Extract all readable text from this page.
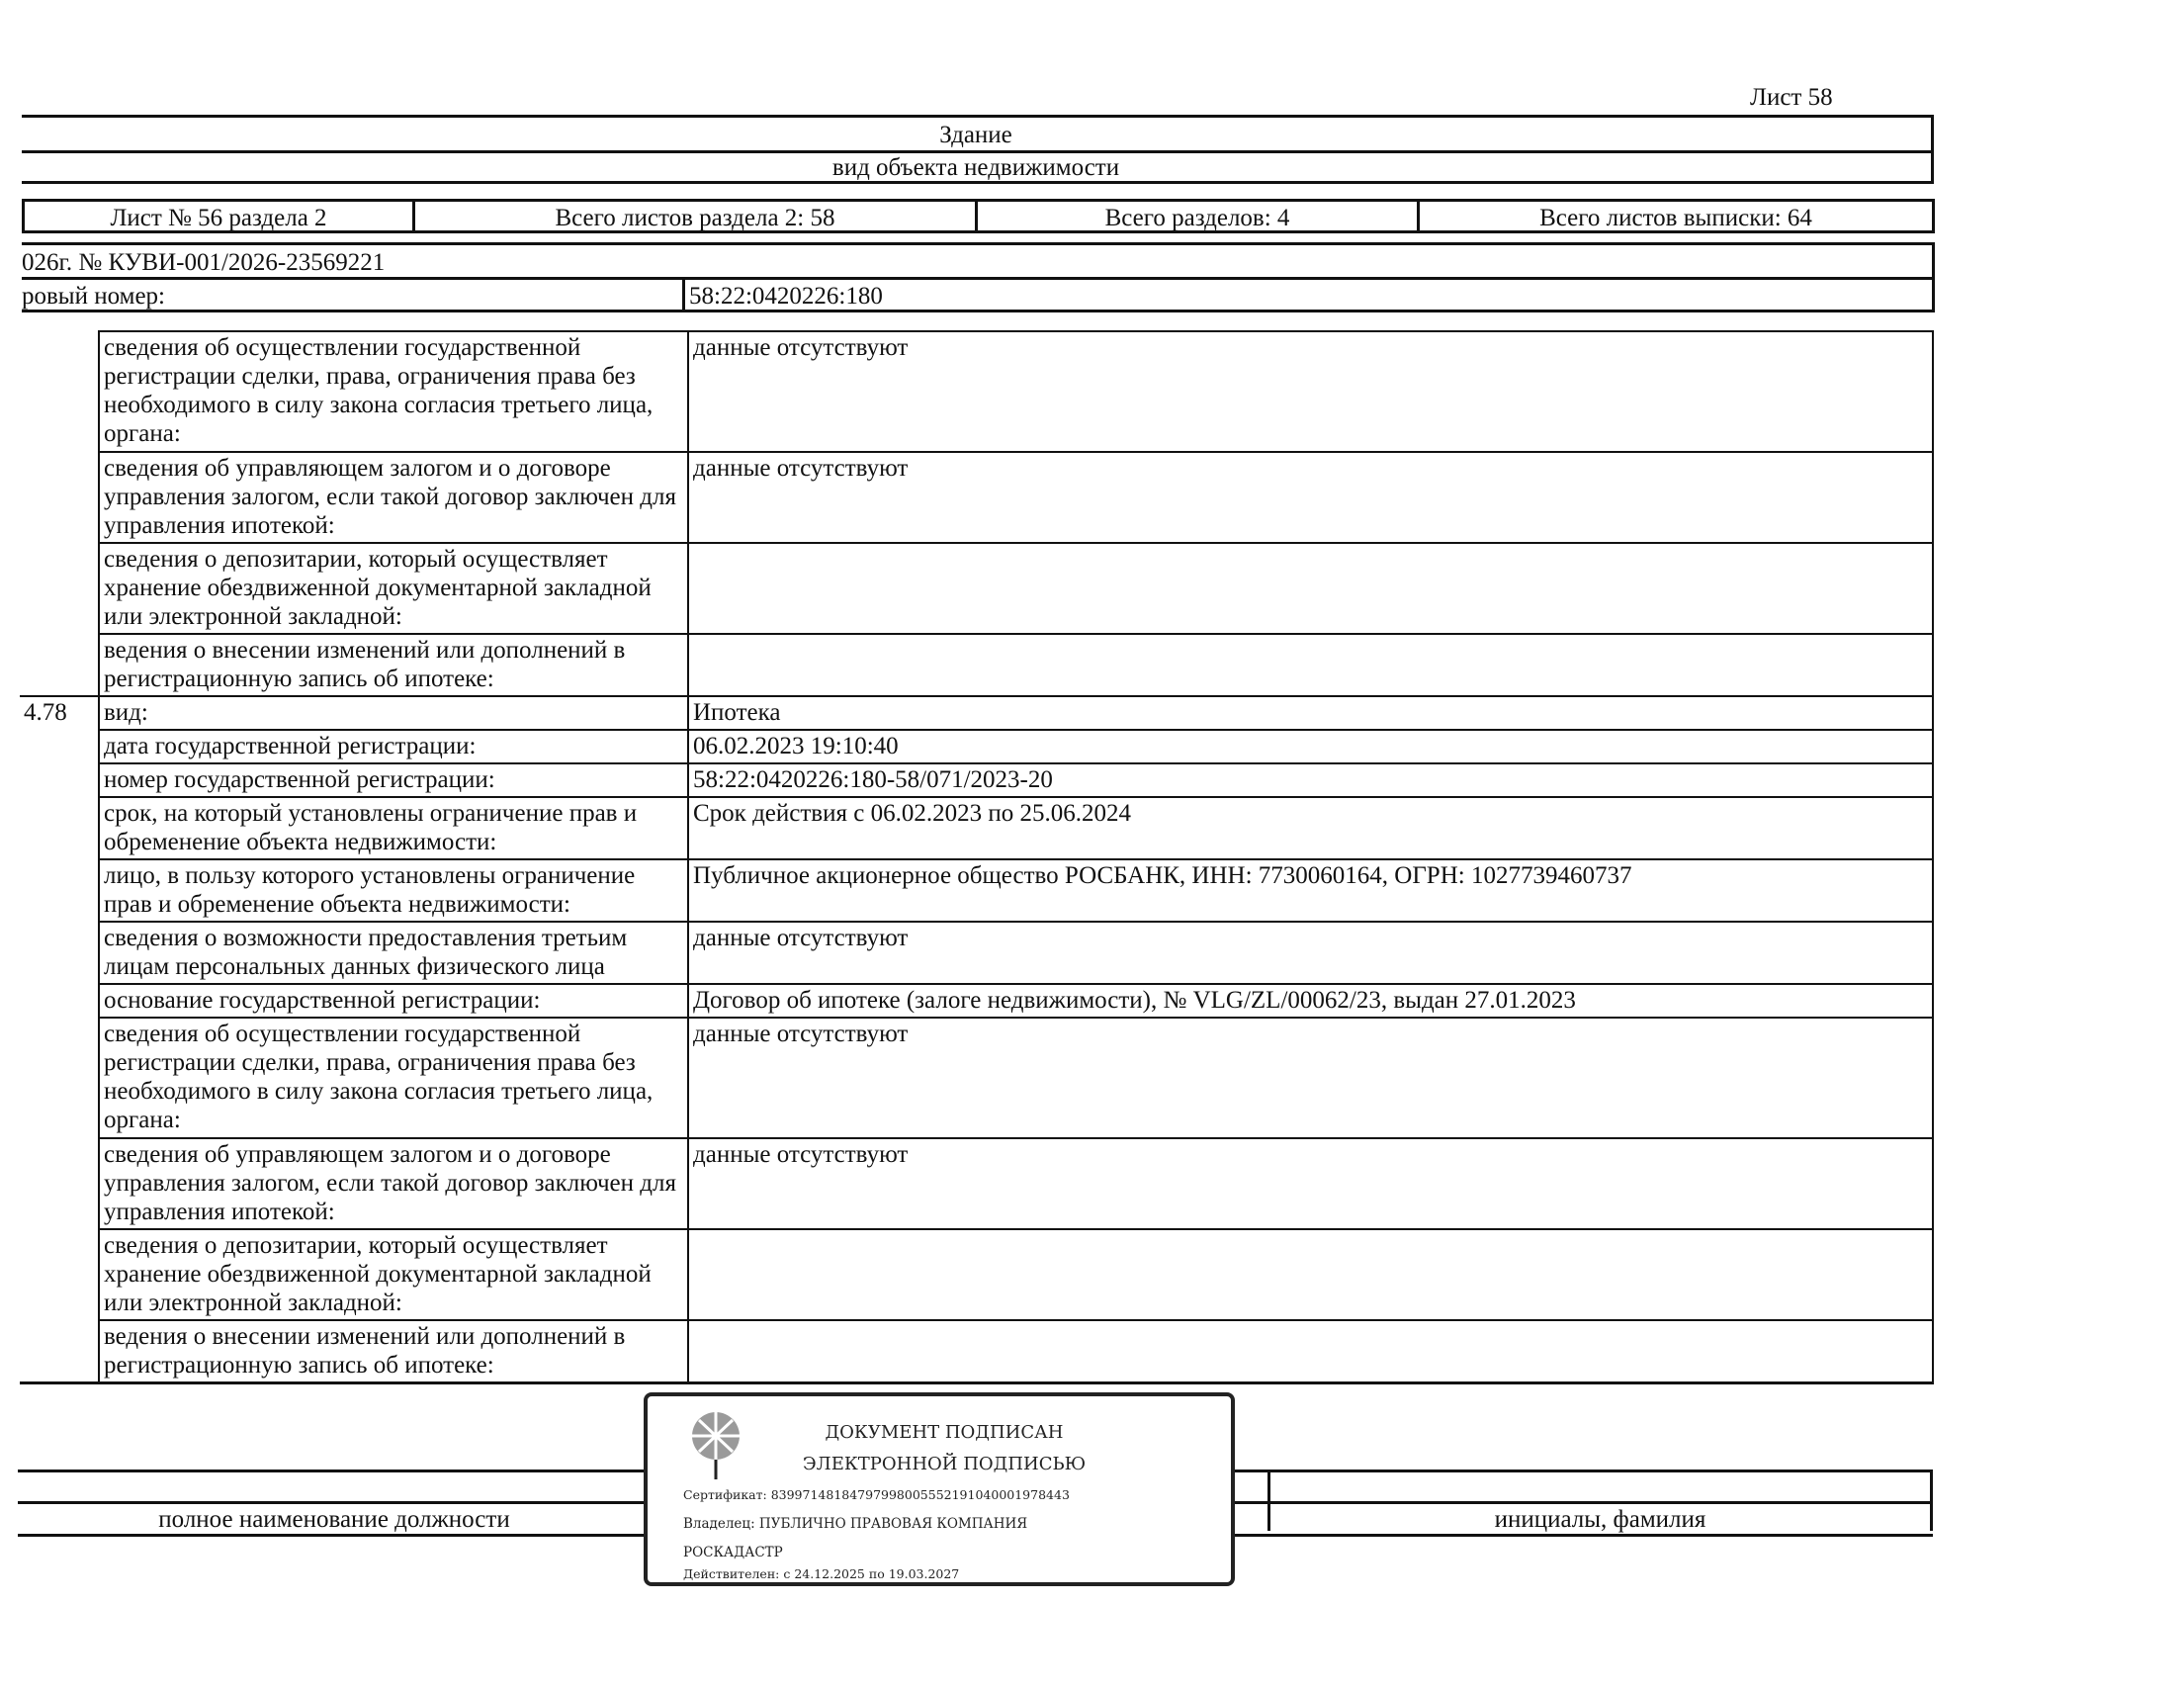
Лист 58
Здание
вид объекта недвижимости
Лист № 56 раздела 2	Всего листов раздела 2: 58	Всего разделов: 4	Всего листов выписки: 64
026г. № КУВИ-001/2026-23569221
ровый номер:	58:22:0420226:180
	сведения об осуществлении государственной регистрации сделки, права, ограничения права без необходимого в силу закона согласия третьего лица, органа:	данные отсутствуют
	сведения об управляющем залогом и о договоре управления залогом, если такой договор заключен для управления ипотекой:	данные отсутствуют
	сведения о депозитарии, который осуществляет хранение обездвиженной документарной закладной или электронной закладной:	
	ведения о внесении изменений или дополнений в регистрационную запись об ипотеке:	
4.78	вид:	Ипотека
	дата государственной регистрации:	06.02.2023 19:10:40
	номер государственной регистрации:	58:22:0420226:180-58/071/2023-20
	срок, на который установлены ограничение прав и обременение объекта недвижимости:	Срок действия с 06.02.2023 по 25.06.2024
	лицо, в пользу которого установлены ограничение прав и обременение объекта недвижимости:	Публичное акционерное общество РОСБАНК, ИНН: 7730060164, ОГРН: 1027739460737
	сведения о возможности предоставления третьим лицам персональных данных физического лица	данные отсутствуют
	основание государственной регистрации:	Договор об ипотеке (залоге недвижимости), № VLG/ZL/00062/23, выдан 27.01.2023
	сведения об осуществлении государственной регистрации сделки, права, ограничения права без необходимого в силу закона согласия третьего лица, органа:	данные отсутствуют
	сведения об управляющем залогом и о договоре управления залогом, если такой договор заключен для управления ипотекой:	данные отсутствуют
	сведения о депозитарии, который осуществляет хранение обездвиженной документарной закладной или электронной закладной:	
	ведения о внесении изменений или дополнений в регистрационную запись об ипотеке:	
полное наименование должности	инициалы, фамилия
ДОКУМЕНТ ПОДПИСАН
ЭЛЕКТРОННОЙ ПОДПИСЬЮ
Сертификат: 83997148184797998005552191040001978443
Владелец: ПУБЛИЧНО ПРАВОВАЯ КОМПАНИЯ
РОСКАДАСТР
Действителен: с 24.12.2025 по 19.03.2027
